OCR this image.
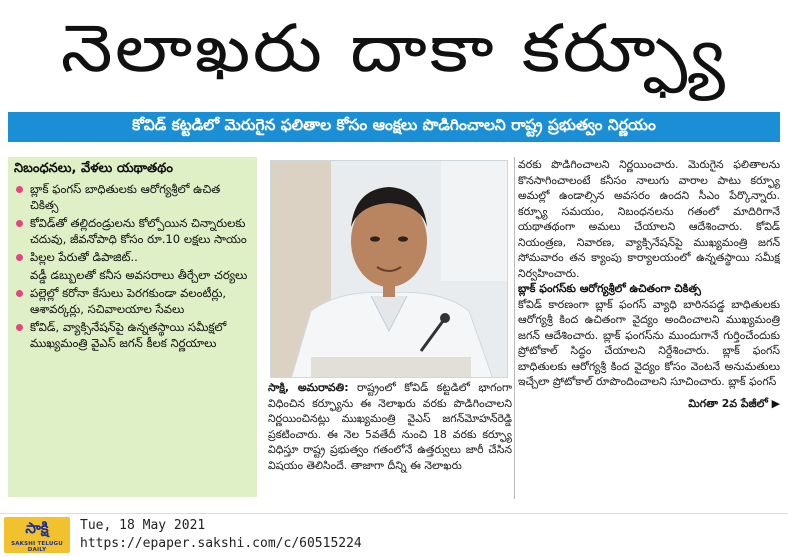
నెలాఖరు దాకా కర్ఫ్యూ
కోవిడ్ కట్టడిలో మెరుగైన ఫలితాల కోసం ఆంక్షలు పొడిగించాలని రాష్ట్ర ప్రభుత్వం నిర్ణయం
నిబంధనలు, వేళలు యథాతథం
బ్లాక్ ఫంగస్ బాధితులకు ఆరోగ్యశ్రీలో ఉచిత చికిత్స
కోవిడ్‌తో తల్లిదండ్రులను కోల్పోయిన చిన్నారులకు చదువు, జీవనోపాధి కోసం రూ.10 లక్షలు సాయం
పిల్లల పేరుతో డిపాజిట్..
వడ్డీ డబ్బులతో కనీస అవసరాలు తీర్చేలా చర్యలు
పల్లెల్లో కరోనా కేసులు పెరగకుండా వలంటీర్లు, ఆశావర్కర్లు, సచివాలయాల సేవలు
కోవిడ్, వ్యాక్సినేషన్‌పై ఉన్నతస్థాయి సమీక్షలో ముఖ్యమంత్రి వైఎస్ జగన్ కీలక నిర్ణయాలు

సాక్షి, అమరావతి: రాష్ట్రంలో కోవిడ్ కట్టడిలో భాగంగా విధించిన కర్ఫ్యూను ఈ నెలాఖరు వరకు పొడిగించాలని నిర్ణయించినట్లు ముఖ్యమంత్రి వైఎస్ జగన్‌మోహన్‌రెడ్డి ప్రకటించారు. ఈ నెల 5వతేదీ నుంచి 18 వరకు కర్ఫ్యూ విధిస్తూ రాష్ట్ర ప్రభుత్వం గతంలోనే ఉత్తర్వులు జారీ చేసిన విషయం తెలిసిందే. తాజాగా దీన్ని ఈ నెలాఖరు

వరకు పొడిగించాలని నిర్ణయించారు. మెరుగైన ఫలితాలను కొనసాగించాలంటే కనీసం నాలుగు వారాల పాటు కర్ఫ్యూ అమల్లో ఉండాల్సిన అవసరం ఉందని సీఎం పేర్కొన్నారు. కర్ఫ్యూ సమయం, నిబంధనలను గతంలో మాదిరిగానే యథాతథంగా అమలు చేయాలని ఆదేశించారు. కోవిడ్ నియంత్రణ, నివారణ, వ్యాక్సినేషన్‌పై ముఖ్యమంత్రి జగన్ సోమవారం తన క్యాంపు కార్యాలయంలో ఉన్నతస్థాయి సమీక్ష నిర్వహించారు.

బ్లాక్ ఫంగస్‌కు ఆరోగ్యశ్రీలో ఉచితంగా చికిత్స

కోవిడ్ కారణంగా బ్లాక్ ఫంగస్ వ్యాధి బారినపడ్డ బాధితులకు ఆరోగ్యశ్రీ కింద ఉచితంగా వైద్యం అందించాలని ముఖ్యమంత్రి జగన్ ఆదేశించారు. బ్లాక్ ఫంగస్‌ను ముందుగానే గుర్తించేందుకు ప్రోటోకాల్ సిద్ధం చేయాలని నిర్దేశించారు. బ్లాక్ ఫంగస్ బాధితులకు ఆరోగ్యశ్రీ కింద వైద్యం కోసం వెంటనే అనుమతులు ఇచ్చేలా ప్రోటోకాల్ రూపొందించాలని సూచించారు. బ్లాక్ ఫంగస్

మిగతా 2వ పేజీలో ▶

సాక్షి
SAKSHI TELUGU DAILY
Tue, 18 May 2021
https://epaper.sakshi.com/c/60515224
